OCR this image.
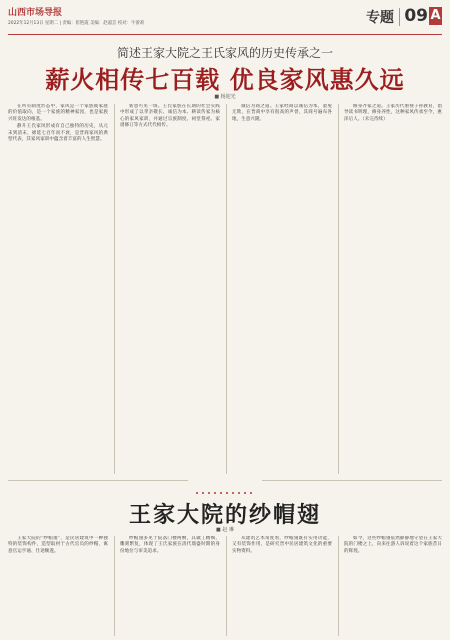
山西市场导报
2022年12月13日 星期二 | 责编：崔艳霞 美编：赵淑芸 校对：牛蕾莉	专题 09 A
简述王家大院之王氏家风的历史传承之一
薪火相传七百载 优良家风惠久远
■ 杨迎光

在所有制度形态中，家风是一个家族或家庭的价值取向，是一个家族的精神家园，也是家族兴旺发达的根基。

静升王氏家风形成有自己独特的历史，从元末到清末，绵延七百年而不衰，是晋商家风的典型代表，其家风家训中蕴含着丰富的人生智慧。

新意可见一斑。王氏家族在长期的社会实践中形成了以孝亲敬长、诚信为本、耕读传家为核心的家风家训，并通过宗族制度、祠堂祭祀、家谱修订等方式代代相传。

诚信为商之道。王家经商以诚信为本，童叟无欺，在晋商中享有很高的声誉，其商号遍布各地，生意兴隆。

修身齐家之道。王家历代重视子孙教育，倡导读书明理，修身养性，这种家风传承至今，惠泽后人。（未完待续）

王家大院的纱帽翅
■ 赵 琳

王家大院的“纱帽翅”，是民居建筑中一种独特的装饰构件，造型取材于古代官员的纱帽，寓意官运亨通、仕途顺遂。

纱帽翅多见于院落门楼两侧，其做工精细，雕刻繁复，体现了王氏家族在清代鼎盛时期的身份地位与审美追求。

从建筑艺术角度看，纱帽翅既有实用功能，又有装饰作用，是研究晋中民居建筑文化的重要实物资料。

如今，这些纱帽翅依然静静地守望在王家大院的门楼之上，向来往游人诉说着这个家族昔日的辉煌。
